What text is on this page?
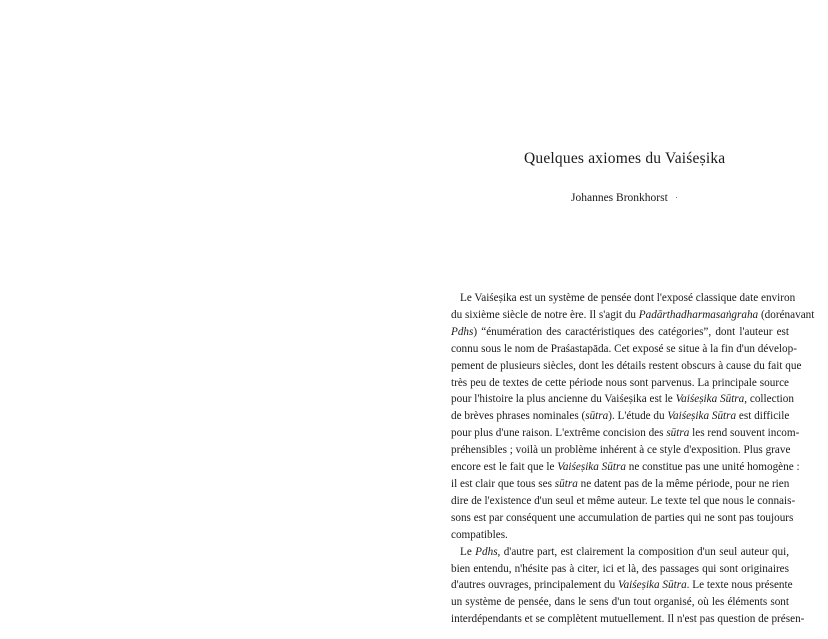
Quelques axiomes du Vaiśeṣika
Johannes Bronkhorst
Le Vaiśeṣika est un système de pensée dont l'exposé classique date environ
du sixième siècle de notre ère. Il s'agit du Padārthadharmasaṅgraha (dorénavant
Pdhs) “énumération des caractéristiques des catégories”, dont l'auteur est
connu sous le nom de Praśastapāda. Cet exposé se situe à la fin d'un dévelop-
pement de plusieurs siècles, dont les détails restent obscurs à cause du fait que
très peu de textes de cette période nous sont parvenus. La principale source
pour l'histoire la plus ancienne du Vaiśeṣika est le Vaiśeṣika Sūtra, collection
de brèves phrases nominales (sūtra). L'étude du Vaiśeṣika Sūtra est difficile
pour plus d'une raison. L'extrême concision des sūtra les rend souvent incom-
préhensibles ; voilà un problème inhérent à ce style d'exposition. Plus grave
encore est le fait que le Vaiśeṣika Sūtra ne constitue pas une unité homogène :
il est clair que tous ses sūtra ne datent pas de la même période, pour ne rien
dire de l'existence d'un seul et même auteur. Le texte tel que nous le connais-
sons est par conséquent une accumulation de parties qui ne sont pas toujours
compatibles.
Le Pdhs, d'autre part, est clairement la composition d'un seul auteur qui,
bien entendu, n'hésite pas à citer, ici et là, des passages qui sont originaires
d'autres ouvrages, principalement du Vaiśeṣika Sūtra. Le texte nous présente
un système de pensée, dans le sens d'un tout organisé, où les éléments sont
interdépendants et se complètent mutuellement. Il n'est pas question de présen-
